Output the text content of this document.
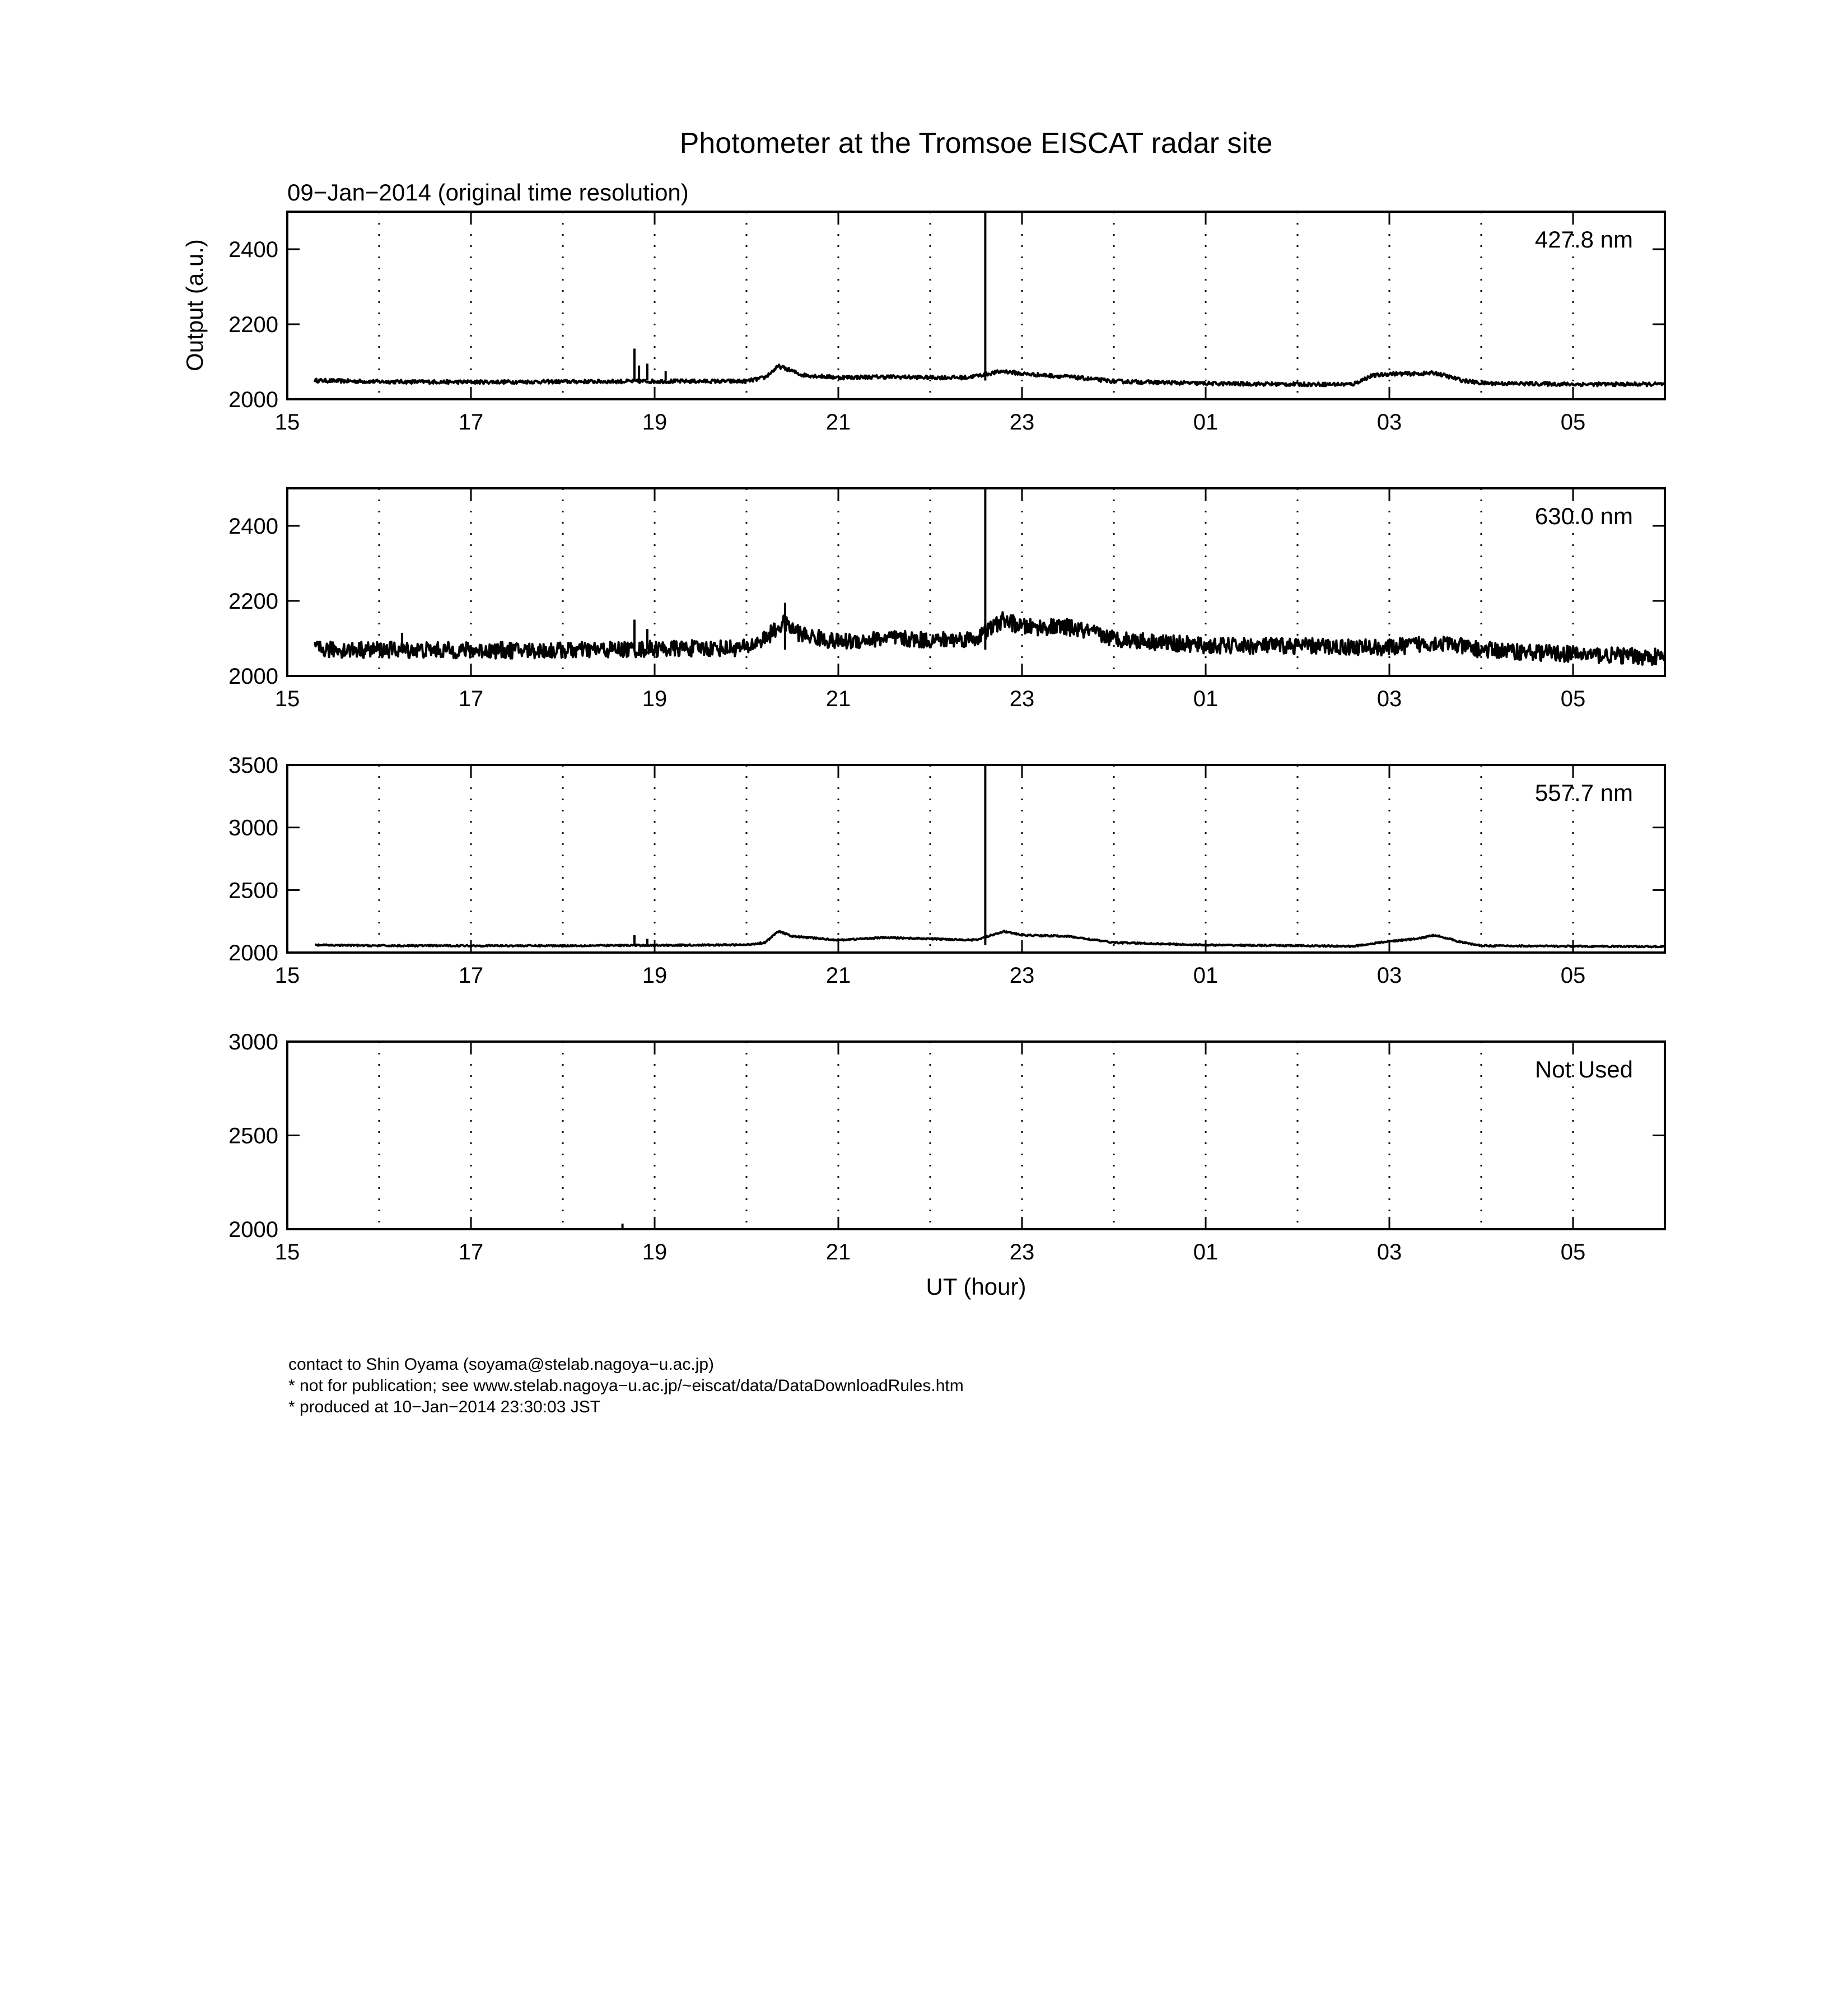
Photometer at the Tromsoe EISCAT radar site
09−Jan−2014 (original time resolution)
Output (a.u.)
UT (hour)
2000
2200
2400
15	17	19	21	23	01	03	05
427.8 nm
2000
2200
2400
15	17	19	21	23	01	03	05
630.0 nm
2000
2500
3000
3500
15	17	19	21	23	01	03	05
557.7 nm
2000
2500
3000
15	17	19	21	23	01	03	05
Not Used
contact to Shin Oyama (soyama@stelab.nagoya−u.ac.jp)
* not for publication; see www.stelab.nagoya−u.ac.jp/~eiscat/data/DataDownloadRules.htm
* produced at 10−Jan−2014 23:30:03 JST
